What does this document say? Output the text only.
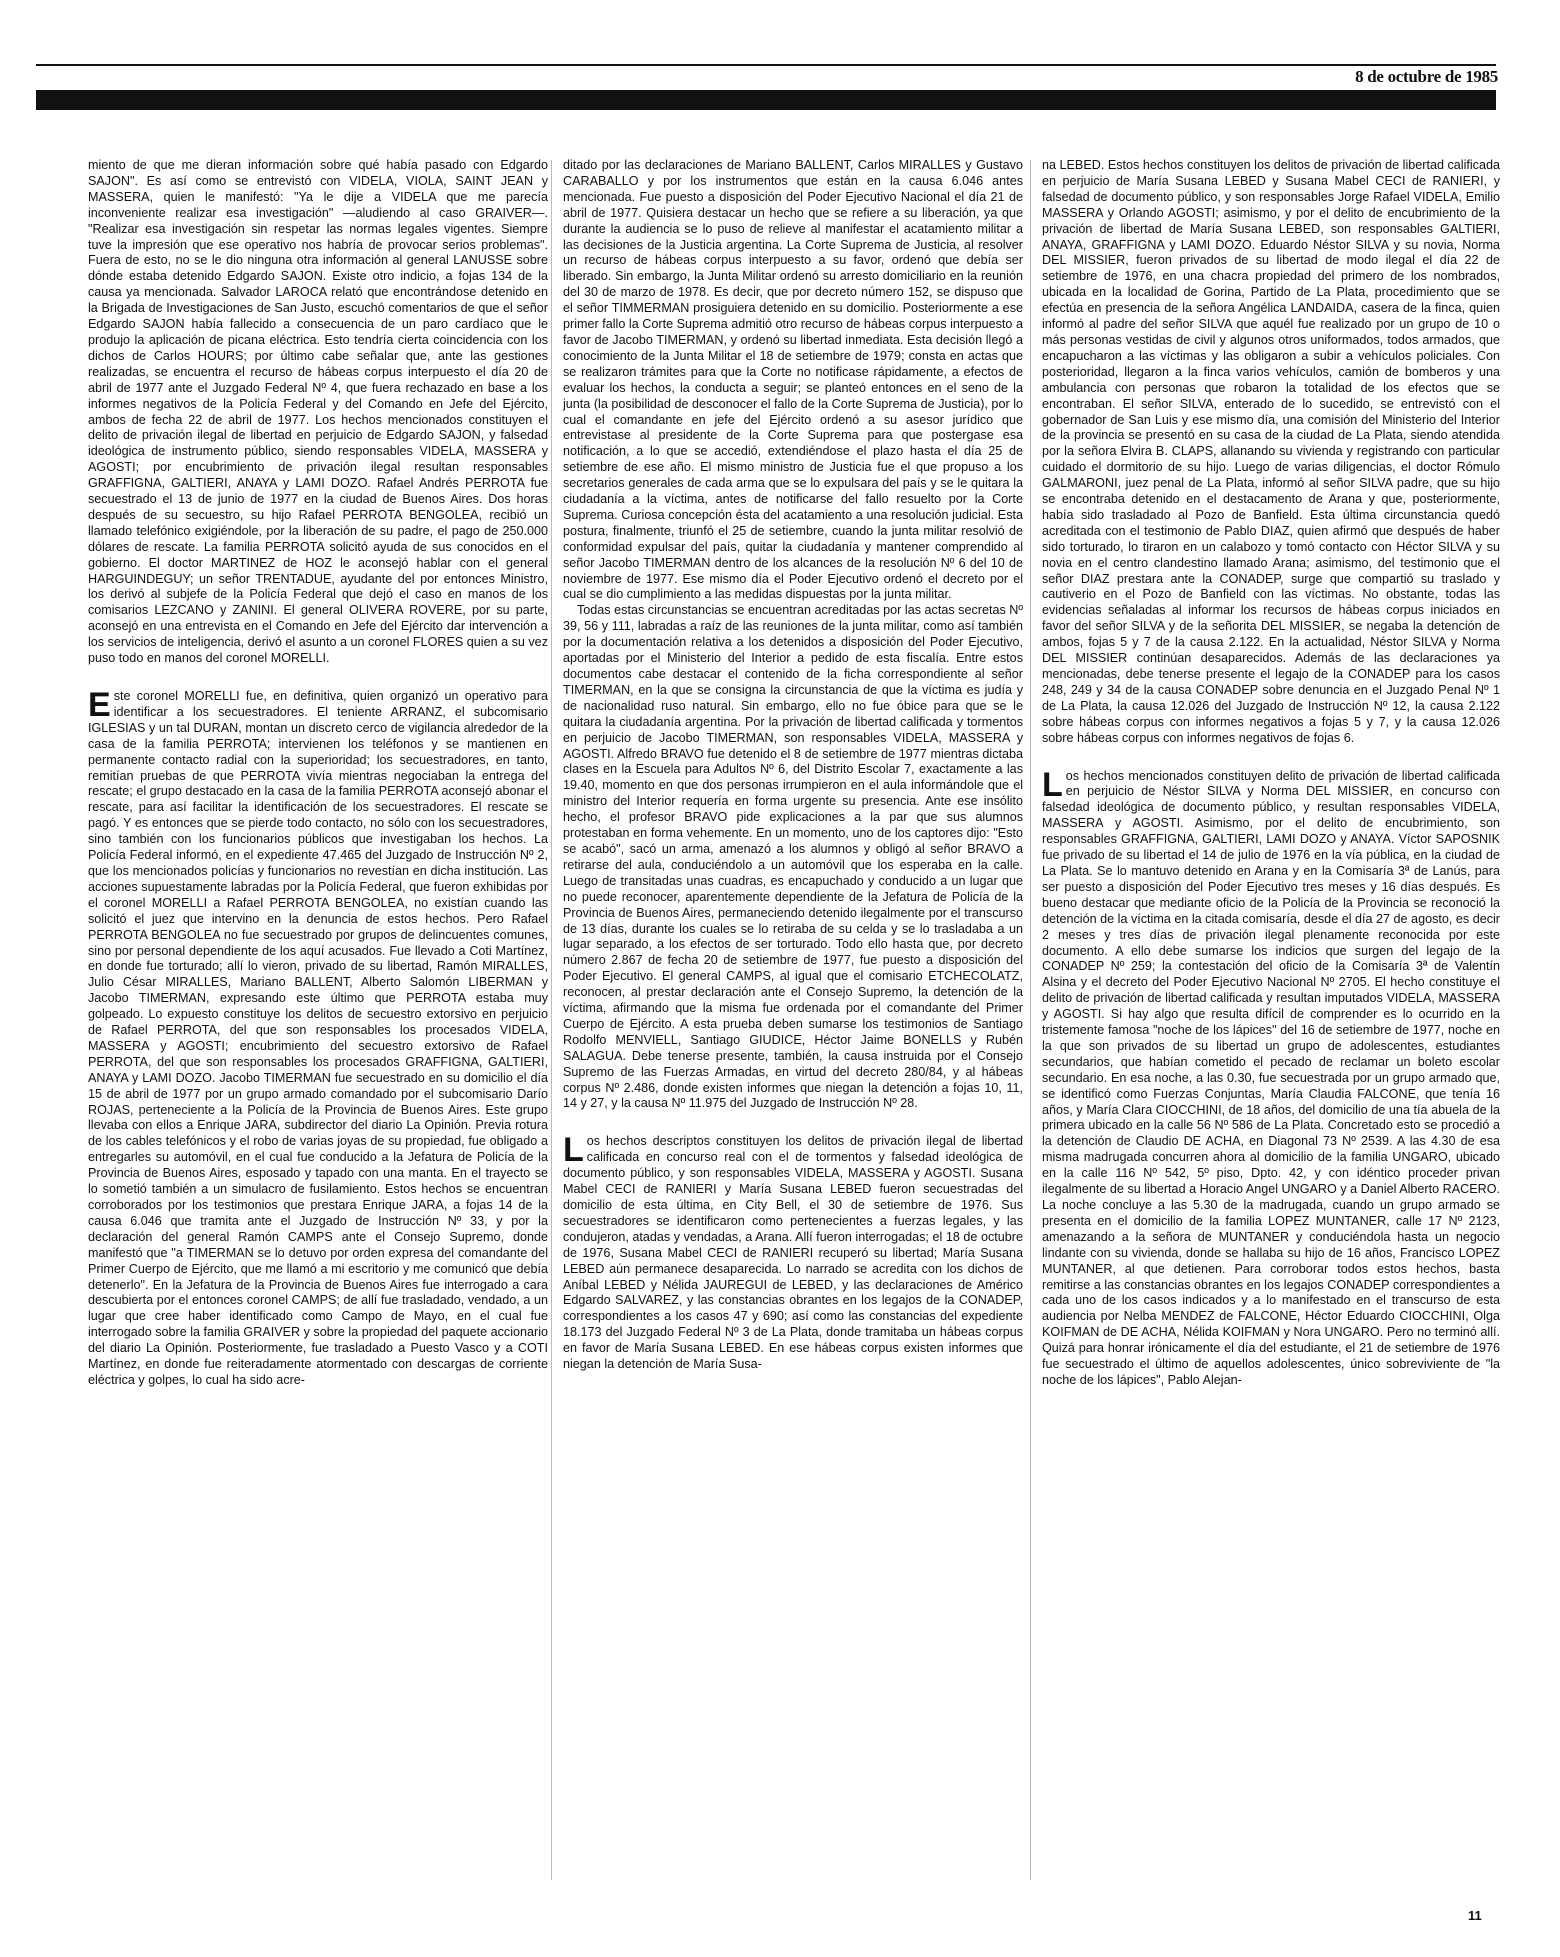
8 de octubre de 1985

miento de que me dieran información sobre qué había pasado con Edgardo SAJON". Es así como se entrevistó con VIDELA, VIOLA, SAINT JEAN y MASSERA, quien le manifestó: "Ya le dije a VIDELA que me parecía inconveniente realizar esa investigación" —aludiendo al caso GRAIVER—. "Realizar esa investigación sin respetar las normas legales vigentes. Siempre tuve la impresión que ese operativo nos habría de provocar serios problemas". Fuera de esto, no se le dio ninguna otra información al general LANUSSE sobre dónde estaba detenido Edgardo SAJON. Existe otro indicio, a fojas 134 de la causa ya mencionada. Salvador LAROCA relató que encontrándose detenido en la Brigada de Investigaciones de San Justo, escuchó comentarios de que el señor Edgardo SAJON había fallecido a consecuencia de un paro cardíaco que le produjo la aplicación de picana eléctrica. Esto tendría cierta coincidencia con los dichos de Carlos HOURS; por último cabe señalar que, ante las gestiones realizadas, se encuentra el recurso de hábeas corpus interpuesto el día 20 de abril de 1977 ante el Juzgado Federal Nº 4, que fuera rechazado en base a los informes negativos de la Policía Federal y del Comando en Jefe del Ejército, ambos de fecha 22 de abril de 1977. Los hechos mencionados constituyen el delito de privación ilegal de libertad en perjuicio de Edgardo SAJON, y falsedad ideológica de instrumento público, siendo responsables VIDELA, MASSERA y AGOSTI; por encubrimiento de privación ilegal resultan responsables GRAFFIGNA, GALTIERI, ANAYA y LAMI DOZO. Rafael Andrés PERROTA fue secuestrado el 13 de junio de 1977 en la ciudad de Buenos Aires. Dos horas después de su secuestro, su hijo Rafael PERROTA BENGOLEA, recibió un llamado telefónico exigiéndole, por la liberación de su padre, el pago de 250.000 dólares de rescate. La familia PERROTA solicitó ayuda de sus conocidos en el gobierno. El doctor MARTINEZ de HOZ le aconsejó hablar con el general HARGUINDEGUY; un señor TRENTADUE, ayudante del por entonces Ministro, los derivó al subjefe de la Policía Federal que dejó el caso en manos de los comisarios LEZCANO y ZANINI. El general OLIVERA ROVERE, por su parte, aconsejó en una entrevista en el Comando en Jefe del Ejército dar intervención a los servicios de inteligencia, derivó el asunto a un coronel FLORES quien a su vez puso todo en manos del coronel MORELLI.

Este coronel MORELLI fue, en definitiva, quien organizó un operativo para identificar a los secuestradores. El teniente ARRANZ, el subcomisario IGLESIAS y un tal DURAN, montan un discreto cerco de vigilancia alrededor de la casa de la familia PERROTA; intervienen los teléfonos y se mantienen en permanente contacto radial con la superioridad; los secuestradores, en tanto, remitían pruebas de que PERROTA vivía mientras negociaban la entrega del rescate; el grupo destacado en la casa de la familia PERROTA aconsejó abonar el rescate, para así facilitar la identificación de los secuestradores. El rescate se pagó. Y es entonces que se pierde todo contacto, no sólo con los secuestradores, sino también con los funcionarios públicos que investigaban los hechos. La Policía Federal informó, en el expediente 47.465 del Juzgado de Instrucción Nº 2, que los mencionados policías y funcionarios no revestían en dicha institución. Las acciones supuestamente labradas por la Policía Federal, que fueron exhibidas por el coronel MORELLI a Rafael PERROTA BENGOLEA, no existían cuando las solicitó el juez que intervino en la denuncia de estos hechos. Pero Rafael PERROTA BENGOLEA no fue secuestrado por grupos de delincuentes comunes, sino por personal dependiente de los aquí acusados. Fue llevado a Coti Martínez, en donde fue torturado; allí lo vieron, privado de su libertad, Ramón MIRALLES, Julio César MIRALLES, Mariano BALLENT, Alberto Salomón LIBERMAN y Jacobo TIMERMAN, expresando este último que PERROTA estaba muy golpeado. Lo expuesto constituye los delitos de secuestro extorsivo en perjuicio de Rafael PERROTA, del que son responsables los procesados VIDELA, MASSERA y AGOSTI; encubrimiento del secuestro extorsivo de Rafael PERROTA, del que son responsables los procesados GRAFFIGNA, GALTIERI, ANAYA y LAMI DOZO. Jacobo TIMERMAN fue secuestrado en su domicilio el día 15 de abril de 1977 por un grupo armado comandado por el subcomisario Darío ROJAS, perteneciente a la Policía de la Provincia de Buenos Aires. Este grupo llevaba con ellos a Enrique JARA, subdirector del diario La Opinión. Previa rotura de los cables telefónicos y el robo de varias joyas de su propiedad, fue obligado a entregarles su automóvil, en el cual fue conducido a la Jefatura de Policía de la Provincia de Buenos Aires, esposado y tapado con una manta. En el trayecto se lo sometió también a un simulacro de fusilamiento. Estos hechos se encuentran corroborados por los testimonios que prestara Enrique JARA, a fojas 14 de la causa 6.046 que tramita ante el Juzgado de Instrucción Nº 33, y por la declaración del general Ramón CAMPS ante el Consejo Supremo, donde manifestó que "a TIMERMAN se lo detuvo por orden expresa del comandante del Primer Cuerpo de Ejército, que me llamó a mi escritorio y me comunicó que debía detenerlo". En la Jefatura de la Provincia de Buenos Aires fue interrogado a cara descubierta por el entonces coronel CAMPS; de allí fue trasladado, vendado, a un lugar que cree haber identificado como Campo de Mayo, en el cual fue interrogado sobre la familia GRAIVER y sobre la propiedad del paquete accionario del diario La Opinión. Posteriormente, fue trasladado a Puesto Vasco y a COTI Martínez, en donde fue reiteradamente atormentado con descargas de corriente eléctrica y golpes, lo cual ha sido acre-

ditado por las declaraciones de Mariano BALLENT, Carlos MIRALLES y Gustavo CARABALLO y por los instrumentos que están en la causa 6.046 antes mencionada. Fue puesto a disposición del Poder Ejecutivo Nacional el día 21 de abril de 1977. Quisiera destacar un hecho que se refiere a su liberación, ya que durante la audiencia se lo puso de relieve al manifestar el acatamiento militar a las decisiones de la Justicia argentina. La Corte Suprema de Justicia, al resolver un recurso de hábeas corpus interpuesto a su favor, ordenó que debía ser liberado. Sin embargo, la Junta Militar ordenó su arresto domiciliario en la reunión del 30 de marzo de 1978. Es decir, que por decreto número 152, se dispuso que el señor TIMMERMAN prosiguiera detenido en su domicilio. Posteriormente a ese primer fallo la Corte Suprema admitió otro recurso de hábeas corpus interpuesto a favor de Jacobo TIMERMAN, y ordenó su libertad inmediata. Esta decisión llegó a conocimiento de la Junta Militar el 18 de setiembre de 1979; consta en actas que se realizaron trámites para que la Corte no notificase rápidamente, a efectos de evaluar los hechos, la conducta a seguir; se planteó entonces en el seno de la junta (la posibilidad de desconocer el fallo de la Corte Suprema de Justicia), por lo cual el comandante en jefe del Ejército ordenó a su asesor jurídico que entrevistase al presidente de la Corte Suprema para que postergase esa notificación, a lo que se accedió, extendiéndose el plazo hasta el día 25 de setiembre de ese año. El mismo ministro de Justicia fue el que propuso a los secretarios generales de cada arma que se lo expulsara del país y se le quitara la ciudadanía a la víctima, antes de notificarse del fallo resuelto por la Corte Suprema. Curiosa concepción ésta del acatamiento a una resolución judicial. Esta postura, finalmente, triunfó el 25 de setiembre, cuando la junta militar resolvió de conformidad expulsar del país, quitar la ciudadanía y mantener comprendido al señor Jacobo TIMERMAN dentro de los alcances de la resolución Nº 6 del 10 de noviembre de 1977. Ese mismo día el Poder Ejecutivo ordenó el decreto por el cual se dio cumplimiento a las medidas dispuestas por la junta militar.

Todas estas circunstancias se encuentran acreditadas por las actas secretas Nº 39, 56 y 111, labradas a raíz de las reuniones de la junta militar, como así también por la documentación relativa a los detenidos a disposición del Poder Ejecutivo, aportadas por el Ministerio del Interior a pedido de esta fiscalía. Entre estos documentos cabe destacar el contenido de la ficha correspondiente al señor TIMERMAN, en la que se consigna la circunstancia de que la víctima es judía y de nacionalidad ruso natural. Sin embargo, ello no fue óbice para que se le quitara la ciudadanía argentina. Por la privación de libertad calificada y tormentos en perjuicio de Jacobo TIMERMAN, son responsables VIDELA, MASSERA y AGOSTI. Alfredo BRAVO fue detenido el 8 de setiembre de 1977 mientras dictaba clases en la Escuela para Adultos Nº 6, del Distrito Escolar 7, exactamente a las 19.40, momento en que dos personas irrumpieron en el aula informándole que el ministro del Interior requería en forma urgente su presencia. Ante ese insólito hecho, el profesor BRAVO pide explicaciones a la par que sus alumnos protestaban en forma vehemente. En un momento, uno de los captores dijo: "Esto se acabó", sacó un arma, amenazó a los alumnos y obligó al señor BRAVO a retirarse del aula, conduciéndolo a un automóvil que los esperaba en la calle. Luego de transitadas unas cuadras, es encapuchado y conducido a un lugar que no puede reconocer, aparentemente dependiente de la Jefatura de Policía de la Provincia de Buenos Aires, permaneciendo detenido ilegalmente por el transcurso de 13 días, durante los cuales se lo retiraba de su celda y se lo trasladaba a un lugar separado, a los efectos de ser torturado. Todo ello hasta que, por decreto número 2.867 de fecha 20 de setiembre de 1977, fue puesto a disposición del Poder Ejecutivo. El general CAMPS, al igual que el comisario ETCHECOLATZ, reconocen, al prestar declaración ante el Consejo Supremo, la detención de la víctima, afirmando que la misma fue ordenada por el comandante del Primer Cuerpo de Ejército. A esta prueba deben sumarse los testimonios de Santiago Rodolfo MENVIELL, Santiago GIUDICE, Héctor Jaime BONELLS y Rubén SALAGUA. Debe tenerse presente, también, la causa instruida por el Consejo Supremo de las Fuerzas Armadas, en virtud del decreto 280/84, y al hábeas corpus Nº 2.486, donde existen informes que niegan la detención a fojas 10, 11, 14 y 27, y la causa Nº 11.975 del Juzgado de Instrucción Nº 28.

Los hechos descriptos constituyen los delitos de privación ilegal de libertad calificada en concurso real con el de tormentos y falsedad ideológica de documento público, y son responsables VIDELA, MASSERA y AGOSTI. Susana Mabel CECI de RANIERI y María Susana LEBED fueron secuestradas del domicilio de esta última, en City Bell, el 30 de setiembre de 1976. Sus secuestradores se identificaron como pertenecientes a fuerzas legales, y las condujeron, atadas y vendadas, a Arana. Allí fueron interrogadas; el 18 de octubre de 1976, Susana Mabel CECI de RANIERI recuperó su libertad; María Susana LEBED aún permanece desaparecida. Lo narrado se acredita con los dichos de Aníbal LEBED y Nélida JAUREGUI de LEBED, y las declaraciones de Américo Edgardo SALVAREZ, y las constancias obrantes en los legajos de la CONADEP, correspondientes a los casos 47 y 690; así como las constancias del expediente 18.173 del Juzgado Federal Nº 3 de La Plata, donde tramitaba un hábeas corpus en favor de María Susana LEBED. En ese hábeas corpus existen informes que niegan la detención de María Susa-

na LEBED. Estos hechos constituyen los delitos de privación de libertad calificada en perjuicio de María Susana LEBED y Susana Mabel CECI de RANIERI, y falsedad de documento público, y son responsables Jorge Rafael VIDELA, Emilio MASSERA y Orlando AGOSTI; asimismo, y por el delito de encubrimiento de la privación de libertad de María Susana LEBED, son responsables GALTIERI, ANAYA, GRAFFIGNA y LAMI DOZO. Eduardo Néstor SILVA y su novia, Norma DEL MISSIER, fueron privados de su libertad de modo ilegal el día 22 de setiembre de 1976, en una chacra propiedad del primero de los nombrados, ubicada en la localidad de Gorina, Partido de La Plata, procedimiento que se efectúa en presencia de la señora Angélica LANDAIDA, casera de la finca, quien informó al padre del señor SILVA que aquél fue realizado por un grupo de 10 o más personas vestidas de civil y algunos otros uniformados, todos armados, que encapucharon a las víctimas y las obligaron a subir a vehículos policiales. Con posterioridad, llegaron a la finca varios vehículos, camión de bomberos y una ambulancia con personas que robaron la totalidad de los efectos que se encontraban. El señor SILVA, enterado de lo sucedido, se entrevistó con el gobernador de San Luis y ese mismo día, una comisión del Ministerio del Interior de la provincia se presentó en su casa de la ciudad de La Plata, siendo atendida por la señora Elvira B. CLAPS, allanando su vivienda y registrando con particular cuidado el dormitorio de su hijo. Luego de varias diligencias, el doctor Rómulo GALMARONI, juez penal de La Plata, informó al señor SILVA padre, que su hijo se encontraba detenido en el destacamento de Arana y que, posteriormente, había sido trasladado al Pozo de Banfield. Esta última circunstancia quedó acreditada con el testimonio de Pablo DIAZ, quien afirmó que después de haber sido torturado, lo tiraron en un calabozo y tomó contacto con Héctor SILVA y su novia en el centro clandestino llamado Arana; asimismo, del testimonio que el señor DIAZ prestara ante la CONADEP, surge que compartió su traslado y cautiverio en el Pozo de Banfield con las víctimas. No obstante, todas las evidencias señaladas al informar los recursos de hábeas corpus iniciados en favor del señor SILVA y de la señorita DEL MISSIER, se negaba la detención de ambos, fojas 5 y 7 de la causa 2.122. En la actualidad, Néstor SILVA y Norma DEL MISSIER continúan desaparecidos. Además de las declaraciones ya mencionadas, debe tenerse presente el legajo de la CONADEP para los casos 248, 249 y 34 de la causa CONADEP sobre denuncia en el Juzgado Penal Nº 1 de La Plata, la causa 12.026 del Juzgado de Instrucción Nº 12, la causa 2.122 sobre hábeas corpus con informes negativos a fojas 5 y 7, y la causa 12.026 sobre hábeas corpus con informes negativos de fojas 6.

Los hechos mencionados constituyen delito de privación de libertad calificada en perjuicio de Néstor SILVA y Norma DEL MISSIER, en concurso con falsedad ideológica de documento público, y resultan responsables VIDELA, MASSERA y AGOSTI. Asimismo, por el delito de encubrimiento, son responsables GRAFFIGNA, GALTIERI, LAMI DOZO y ANAYA. Víctor SAPOSNIK fue privado de su libertad el 14 de julio de 1976 en la vía pública, en la ciudad de La Plata. Se lo mantuvo detenido en Arana y en la Comisaría 3ª de Lanús, para ser puesto a disposición del Poder Ejecutivo tres meses y 16 días después. Es bueno destacar que mediante oficio de la Policía de la Provincia se reconoció la detención de la víctima en la citada comisaría, desde el día 27 de agosto, es decir 2 meses y tres días de privación ilegal plenamente reconocida por este documento. A ello debe sumarse los indicios que surgen del legajo de la CONADEP Nº 259; la contestación del oficio de la Comisaría 3ª de Valentín Alsina y el decreto del Poder Ejecutivo Nacional Nº 2705. El hecho constituye el delito de privación de libertad calificada y resultan imputados VIDELA, MASSERA y AGOSTI. Si hay algo que resulta difícil de comprender es lo ocurrido en la tristemente famosa "noche de los lápices" del 16 de setiembre de 1977, noche en la que son privados de su libertad un grupo de adolescentes, estudiantes secundarios, que habían cometido el pecado de reclamar un boleto escolar secundario. En esa noche, a las 0.30, fue secuestrada por un grupo armado que, se identificó como Fuerzas Conjuntas, María Claudia FALCONE, que tenía 16 años, y María Clara CIOCCHINI, de 18 años, del domicilio de una tía abuela de la primera ubicado en la calle 56 Nº 586 de La Plata. Concretado esto se procedió a la detención de Claudio DE ACHA, en Diagonal 73 Nº 2539. A las 4.30 de esa misma madrugada concurren ahora al domicilio de la familia UNGARO, ubicado en la calle 116 Nº 542, 5º piso, Dpto. 42, y con idéntico proceder privan ilegalmente de su libertad a Horacio Angel UNGARO y a Daniel Alberto RACERO. La noche concluye a las 5.30 de la madrugada, cuando un grupo armado se presenta en el domicilio de la familia LOPEZ MUNTANER, calle 17 Nº 2123, amenazando a la señora de MUNTANER y conduciéndola hasta un negocio lindante con su vivienda, donde se hallaba su hijo de 16 años, Francisco LOPEZ MUNTANER, al que detienen. Para corroborar todos estos hechos, basta remitirse a las constancias obrantes en los legajos CONADEP correspondientes a cada uno de los casos indicados y a lo manifestado en el transcurso de esta audiencia por Nelba MENDEZ de FALCONE, Héctor Eduardo CIOCCHINI, Olga KOIFMAN de DE ACHA, Nélida KOIFMAN y Nora UNGARO. Pero no terminó allí. Quizá para honrar irónicamente el día del estudiante, el 21 de setiembre de 1976 fue secuestrado el último de aquellos adolescentes, único sobreviviente de "la noche de los lápices", Pablo Alejan-

11
